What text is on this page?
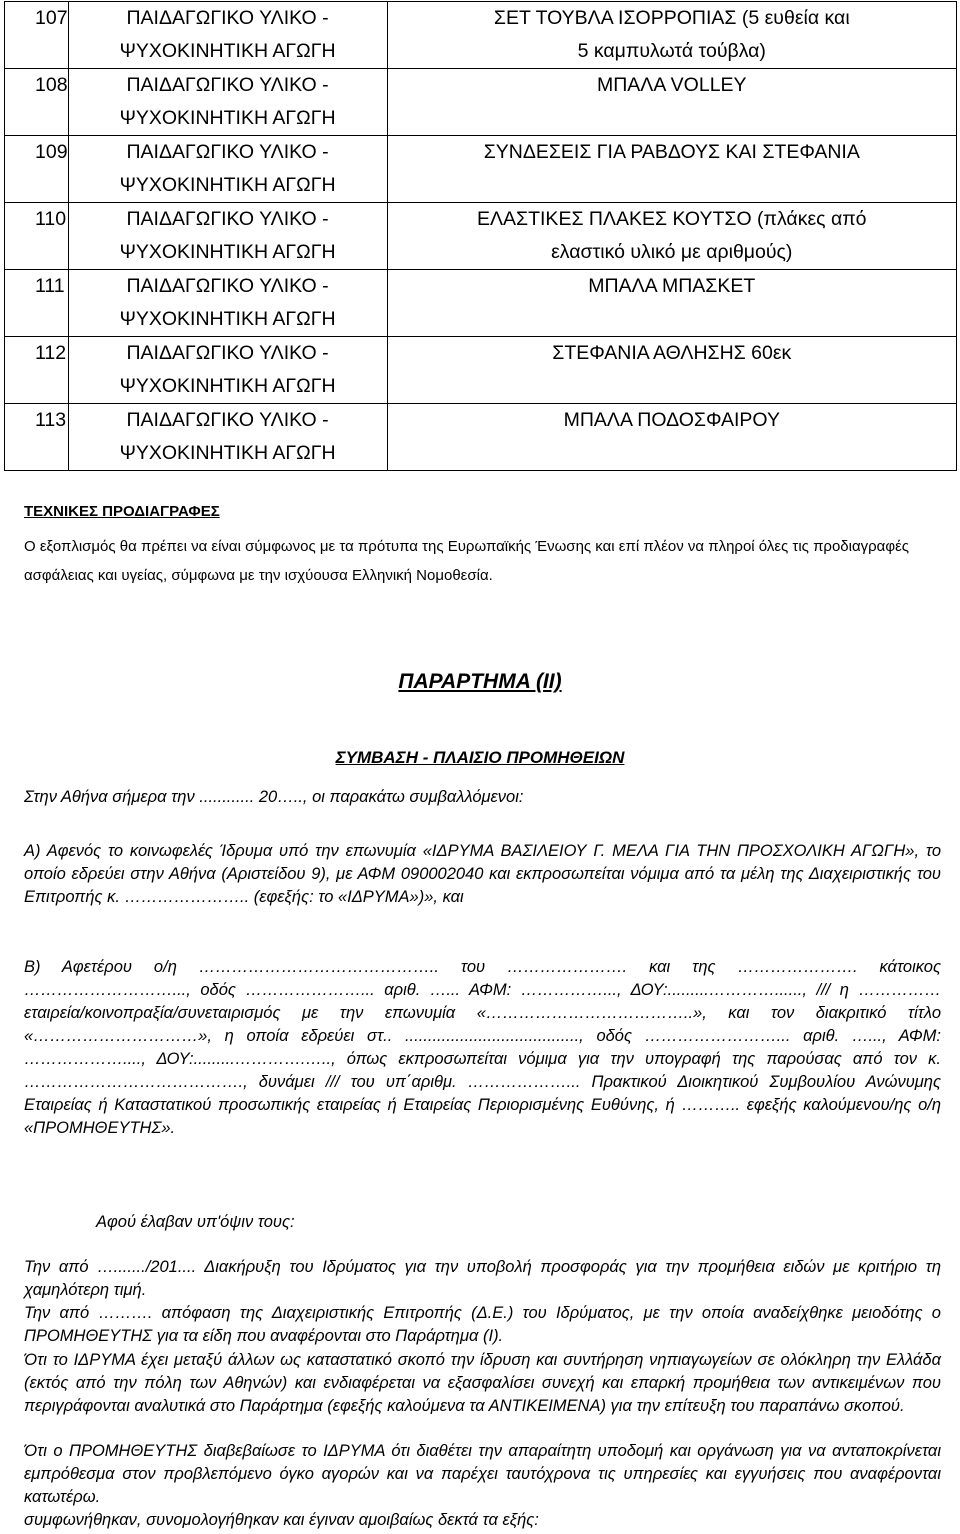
107	ΠΑΙΔΑΓΩΓΙΚΟ ΥΛΙΚΟ -
ΨΥΧΟΚΙΝΗΤΙΚΗ ΑΓΩΓΗ	ΣΕΤ ΤΟΥΒΛΑ ΙΣΟΡΡΟΠΙΑΣ (5 ευθεία και
5 καμπυλωτά τούβλα)

108	ΠΑΙΔΑΓΩΓΙΚΟ ΥΛΙΚΟ -
ΨΥΧΟΚΙΝΗΤΙΚΗ ΑΓΩΓΗ	ΜΠΑΛΑ VOLLEY

109	ΠΑΙΔΑΓΩΓΙΚΟ ΥΛΙΚΟ -
ΨΥΧΟΚΙΝΗΤΙΚΗ ΑΓΩΓΗ	ΣΥΝΔΕΣΕΙΣ ΓΙΑ ΡΑΒΔΟΥΣ ΚΑΙ ΣΤΕΦΑΝΙΑ

110	ΠΑΙΔΑΓΩΓΙΚΟ ΥΛΙΚΟ -
ΨΥΧΟΚΙΝΗΤΙΚΗ ΑΓΩΓΗ	ΕΛΑΣΤΙΚΕΣ ΠΛΑΚΕΣ ΚΟΥΤΣΟ (πλάκες από
ελαστικό υλικό με αριθμούς)

111	ΠΑΙΔΑΓΩΓΙΚΟ ΥΛΙΚΟ -
ΨΥΧΟΚΙΝΗΤΙΚΗ ΑΓΩΓΗ	ΜΠΑΛΑ ΜΠΑΣΚΕΤ

112	ΠΑΙΔΑΓΩΓΙΚΟ ΥΛΙΚΟ -
ΨΥΧΟΚΙΝΗΤΙΚΗ ΑΓΩΓΗ	ΣΤΕΦΑΝΙΑ ΑΘΛΗΣΗΣ 60εκ

113	ΠΑΙΔΑΓΩΓΙΚΟ ΥΛΙΚΟ -
ΨΥΧΟΚΙΝΗΤΙΚΗ ΑΓΩΓΗ	ΜΠΑΛΑ ΠΟΔΟΣΦΑΙΡΟΥ

ΤΕΧΝΙΚΕΣ ΠΡΟΔΙΑΓΡΑΦΕΣ

Ο εξοπλισμός θα πρέπει να είναι σύμφωνος με τα πρότυπα της Ευρωπαϊκής Ένωσης και επί πλέον να πληροί όλες τις προδιαγραφές ασφάλειας και υγείας, σύμφωνα με την ισχύουσα Ελληνική Νομοθεσία.

ΠΑΡΑΡΤΗΜΑ (ΙΙ)

ΣΥΜΒΑΣΗ - ΠΛΑΙΣΙΟ ΠΡΟΜΗΘΕΙΩΝ

Στην Αθήνα σήμερα την ............ 20….., οι παρακάτω συμβαλλόμενοι:

Α) Αφενός το κοινωφελές Ίδρυμα υπό την επωνυμία «ΙΔΡΥΜΑ ΒΑΣΙΛΕΙΟΥ Γ. ΜΕΛΑ ΓΙΑ ΤΗΝ ΠΡΟΣΧΟΛΙΚΗ ΑΓΩΓΗ», το οποίο εδρεύει στην Αθήνα (Αριστείδου 9), με ΑΦΜ 090002040 και εκπροσωπείται νόμιμα από τα μέλη της Διαχειριστικής του Επιτροπής κ. ………………….. (εφεξής: το «ΙΔΡΥΜΑ»)», και

Β) Αφετέρου ο/η …………………………………….. του …………………. και της …………………. κάτοικος ………………………..., οδός …………………... αριθ. …... ΑΦΜ: ……………..., ΔΟΥ:.........…………......, /// η …………… εταιρεία/κοινοπραξία/συνεταιρισμός με την επωνυμία «………………………………..», και τον διακριτικό τίτλο «…………………………», η οποία εδρεύει στ.. ......................................, οδός ……………………... αριθ. …..., ΑΦΜ: ………………...., ΔΟΥ:.........………….….., όπως εκπροσωπείται νόμιμα για την υπογραφή της παρούσας από τον κ. …………………………………., δυνάμει /// του υπ΄αριθμ. ………………... Πρακτικού Διοικητικού Συμβουλίου Ανώνυμης Εταιρείας ή Καταστατικού προσωπικής εταιρείας ή Εταιρείας Περιορισμένης Ευθύνης, ή ……….. εφεξής καλούμενου/ης ο/η «ΠΡΟΜΗΘΕΥΤΗΣ».

Αφού έλαβαν υπ'όψιν τους:

Την από …......./201.... Διακήρυξη του Ιδρύματος για την υποβολή προσφοράς για την προμήθεια ειδών με κριτήριο τη χαμηλότερη τιμή.

Την από ………. απόφαση της Διαχειριστικής Επιτροπής (Δ.Ε.) του Ιδρύματος, με την οποία αναδείχθηκε μειοδότης ο ΠΡΟΜΗΘΕΥΤΗΣ για τα είδη που αναφέρονται στο Παράρτημα (Ι).

Ότι το ΙΔΡΥΜΑ έχει μεταξύ άλλων ως καταστατικό σκοπό την ίδρυση και συντήρηση νηπιαγωγείων σε ολόκληρη την Ελλάδα (εκτός από την πόλη των Αθηνών) και ενδιαφέρεται να εξασφαλίσει συνεχή και επαρκή προμήθεια των αντικειμένων που περιγράφονται αναλυτικά στο Παράρτημα (εφεξής καλούμενα τα ΑΝΤΙΚΕΙΜΕΝΑ) για την επίτευξη του παραπάνω σκοπού.

Ότι ο ΠΡΟΜΗΘΕΥΤΗΣ διαβεβαίωσε το ΙΔΡΥΜΑ ότι διαθέτει την απαραίτητη υποδομή και οργάνωση για να ανταποκρίνεται εμπρόθεσμα στον προβλεπόμενο όγκο αγορών και να παρέχει ταυτόχρονα τις υπηρεσίες και εγγυήσεις που αναφέρονται κατωτέρω.

συμφωνήθηκαν, συνομολογήθηκαν και έγιναν αμοιβαίως δεκτά τα εξής:
